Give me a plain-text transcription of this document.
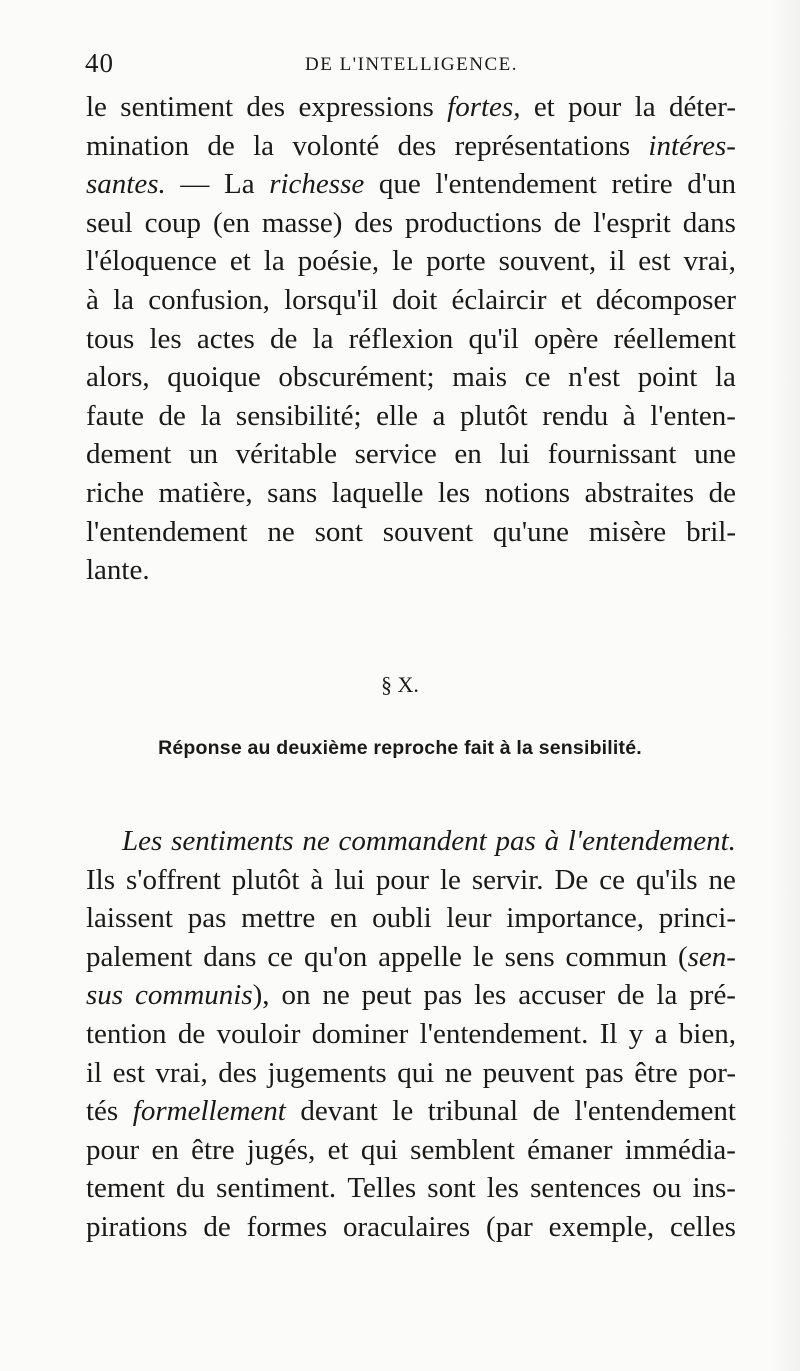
40	DE L'INTELLIGENCE.
le sentiment des expressions fortes, et pour la déter-
mination de la volonté des représentations intéres-
santes. — La richesse que l'entendement retire d'un
seul coup (en masse) des productions de l'esprit dans
l'éloquence et la poésie, le porte souvent, il est vrai,
à la confusion, lorsqu'il doit éclaircir et décomposer
tous les actes de la réflexion qu'il opère réellement
alors, quoique obscurément; mais ce n'est point la
faute de la sensibilité; elle a plutôt rendu à l'enten-
dement un véritable service en lui fournissant une
riche matière, sans laquelle les notions abstraites de
l'entendement ne sont souvent qu'une misère bril-
lante.
§ X.
Réponse au deuxième reproche fait à la sensibilité.
Les sentiments ne commandent pas à l'entendement.
Ils s'offrent plutôt à lui pour le servir. De ce qu'ils ne
laissent pas mettre en oubli leur importance, princi-
palement dans ce qu'on appelle le sens commun (sen-
sus communis), on ne peut pas les accuser de la pré-
tention de vouloir dominer l'entendement. Il y a bien,
il est vrai, des jugements qui ne peuvent pas être por-
tés formellement devant le tribunal de l'entendement
pour en être jugés, et qui semblent émaner immédia-
tement du sentiment. Telles sont les sentences ou ins-
pirations de formes oraculaires (par exemple, celles
